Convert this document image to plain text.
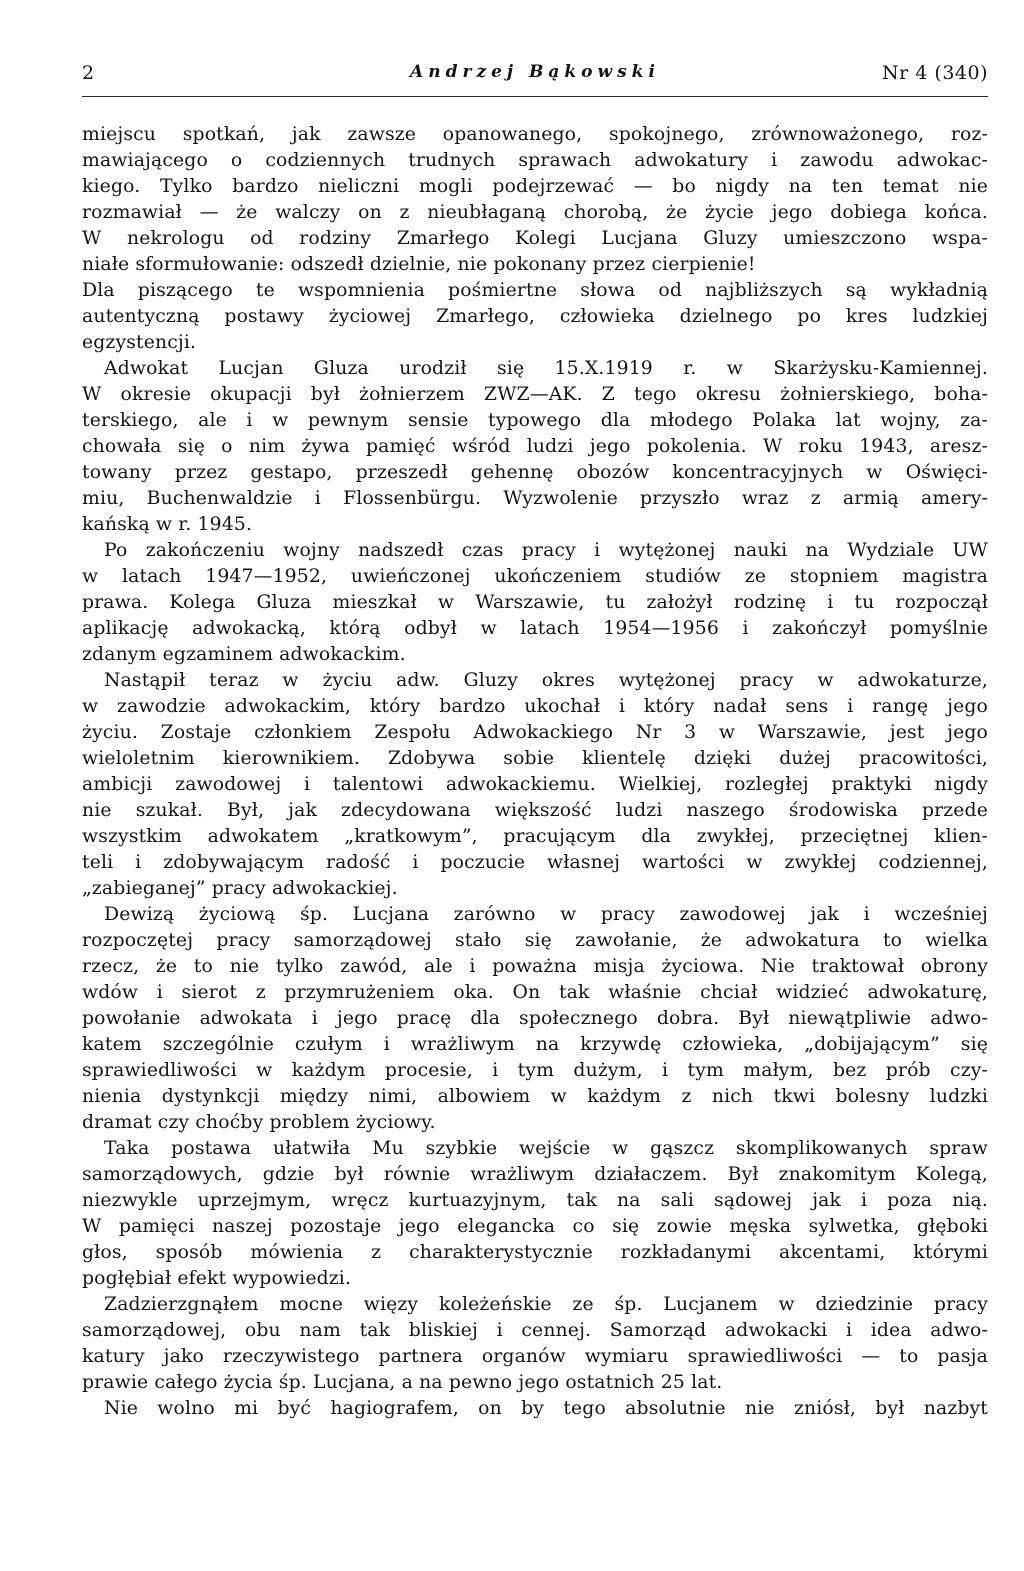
2	Andrzej Bąkowski	Nr 4 (340)
miejscu spotkań, jak zawsze opanowanego, spokojnego, zrównoważonego, roz-
mawiającego o codziennych trudnych sprawach adwokatury i zawodu adwokac-
kiego. Tylko bardzo nieliczni mogli podejrzewać — bo nigdy na ten temat nie
rozmawiał — że walczy on z nieubłaganą chorobą, że życie jego dobiega końca.
W nekrologu od rodziny Zmarłego Kolegi Lucjana Gluzy umieszczono wspa-
niałe sformułowanie: odszedł dzielnie, nie pokonany przez cierpienie!
Dla piszącego te wspomnienia pośmiertne słowa od najbliższych są wykładnią
autentyczną postawy życiowej Zmarłego, człowieka dzielnego po kres ludzkiej
egzystencji.
Adwokat Lucjan Gluza urodził się 15.X.1919 r. w Skarżysku-Kamiennej.
W okresie okupacji był żołnierzem ZWZ—AK. Z tego okresu żołnierskiego, boha-
terskiego, ale i w pewnym sensie typowego dla młodego Polaka lat wojny, za-
chowała się o nim żywa pamięć wśród ludzi jego pokolenia. W roku 1943, aresz-
towany przez gestapo, przeszedł gehennę obozów koncentracyjnych w Oświęci-
miu, Buchenwaldzie i Flossenbürgu. Wyzwolenie przyszło wraz z armią amery-
kańską w r. 1945.
Po zakończeniu wojny nadszedł czas pracy i wytężonej nauki na Wydziale UW
w latach 1947—1952, uwieńczonej ukończeniem studiów ze stopniem magistra
prawa. Kolega Gluza mieszkał w Warszawie, tu założył rodzinę i tu rozpoczął
aplikację adwokacką, którą odbył w latach 1954—1956 i zakończył pomyślnie
zdanym egzaminem adwokackim.
Nastąpił teraz w życiu adw. Gluzy okres wytężonej pracy w adwokaturze,
w zawodzie adwokackim, który bardzo ukochał i który nadał sens i rangę jego
życiu. Zostaje członkiem Zespołu Adwokackiego Nr 3 w Warszawie, jest jego
wieloletnim kierownikiem. Zdobywa sobie klientelę dzięki dużej pracowitości,
ambicji zawodowej i talentowi adwokackiemu. Wielkiej, rozległej praktyki nigdy
nie szukał. Był, jak zdecydowana większość ludzi naszego środowiska przede
wszystkim adwokatem „kratkowym”, pracującym dla zwykłej, przeciętnej klien-
teli i zdobywającym radość i poczucie własnej wartości w zwykłej codziennej,
„zabieganej” pracy adwokackiej.
Dewizą życiową śp. Lucjana zarówno w pracy zawodowej jak i wcześniej
rozpoczętej pracy samorządowej stało się zawołanie, że adwokatura to wielka
rzecz, że to nie tylko zawód, ale i poważna misja życiowa. Nie traktował obrony
wdów i sierot z przymrużeniem oka. On tak właśnie chciał widzieć adwokaturę,
powołanie adwokata i jego pracę dla społecznego dobra. Był niewątpliwie adwo-
katem szczególnie czułym i wrażliwym na krzywdę człowieka, „dobijającym” się
sprawiedliwości w każdym procesie, i tym dużym, i tym małym, bez prób czy-
nienia dystynkcji między nimi, albowiem w każdym z nich tkwi bolesny ludzki
dramat czy choćby problem życiowy.
Taka postawa ułatwiła Mu szybkie wejście w gąszcz skomplikowanych spraw
samorządowych, gdzie był równie wrażliwym działaczem. Był znakomitym Kolegą,
niezwykle uprzejmym, wręcz kurtuazyjnym, tak na sali sądowej jak i poza nią.
W pamięci naszej pozostaje jego elegancka co się zowie męska sylwetka, głęboki
głos, sposób mówienia z charakterystycznie rozkładanymi akcentami, którymi
pogłębiał efekt wypowiedzi.
Zadzierzgnąłem mocne więzy koleżeńskie ze śp. Lucjanem w dziedzinie pracy
samorządowej, obu nam tak bliskiej i cennej. Samorząd adwokacki i idea adwo-
katury jako rzeczywistego partnera organów wymiaru sprawiedliwości — to pasja
prawie całego życia śp. Lucjana, a na pewno jego ostatnich 25 lat.
Nie wolno mi być hagiografem, on by tego absolutnie nie zniósł, był nazbyt
